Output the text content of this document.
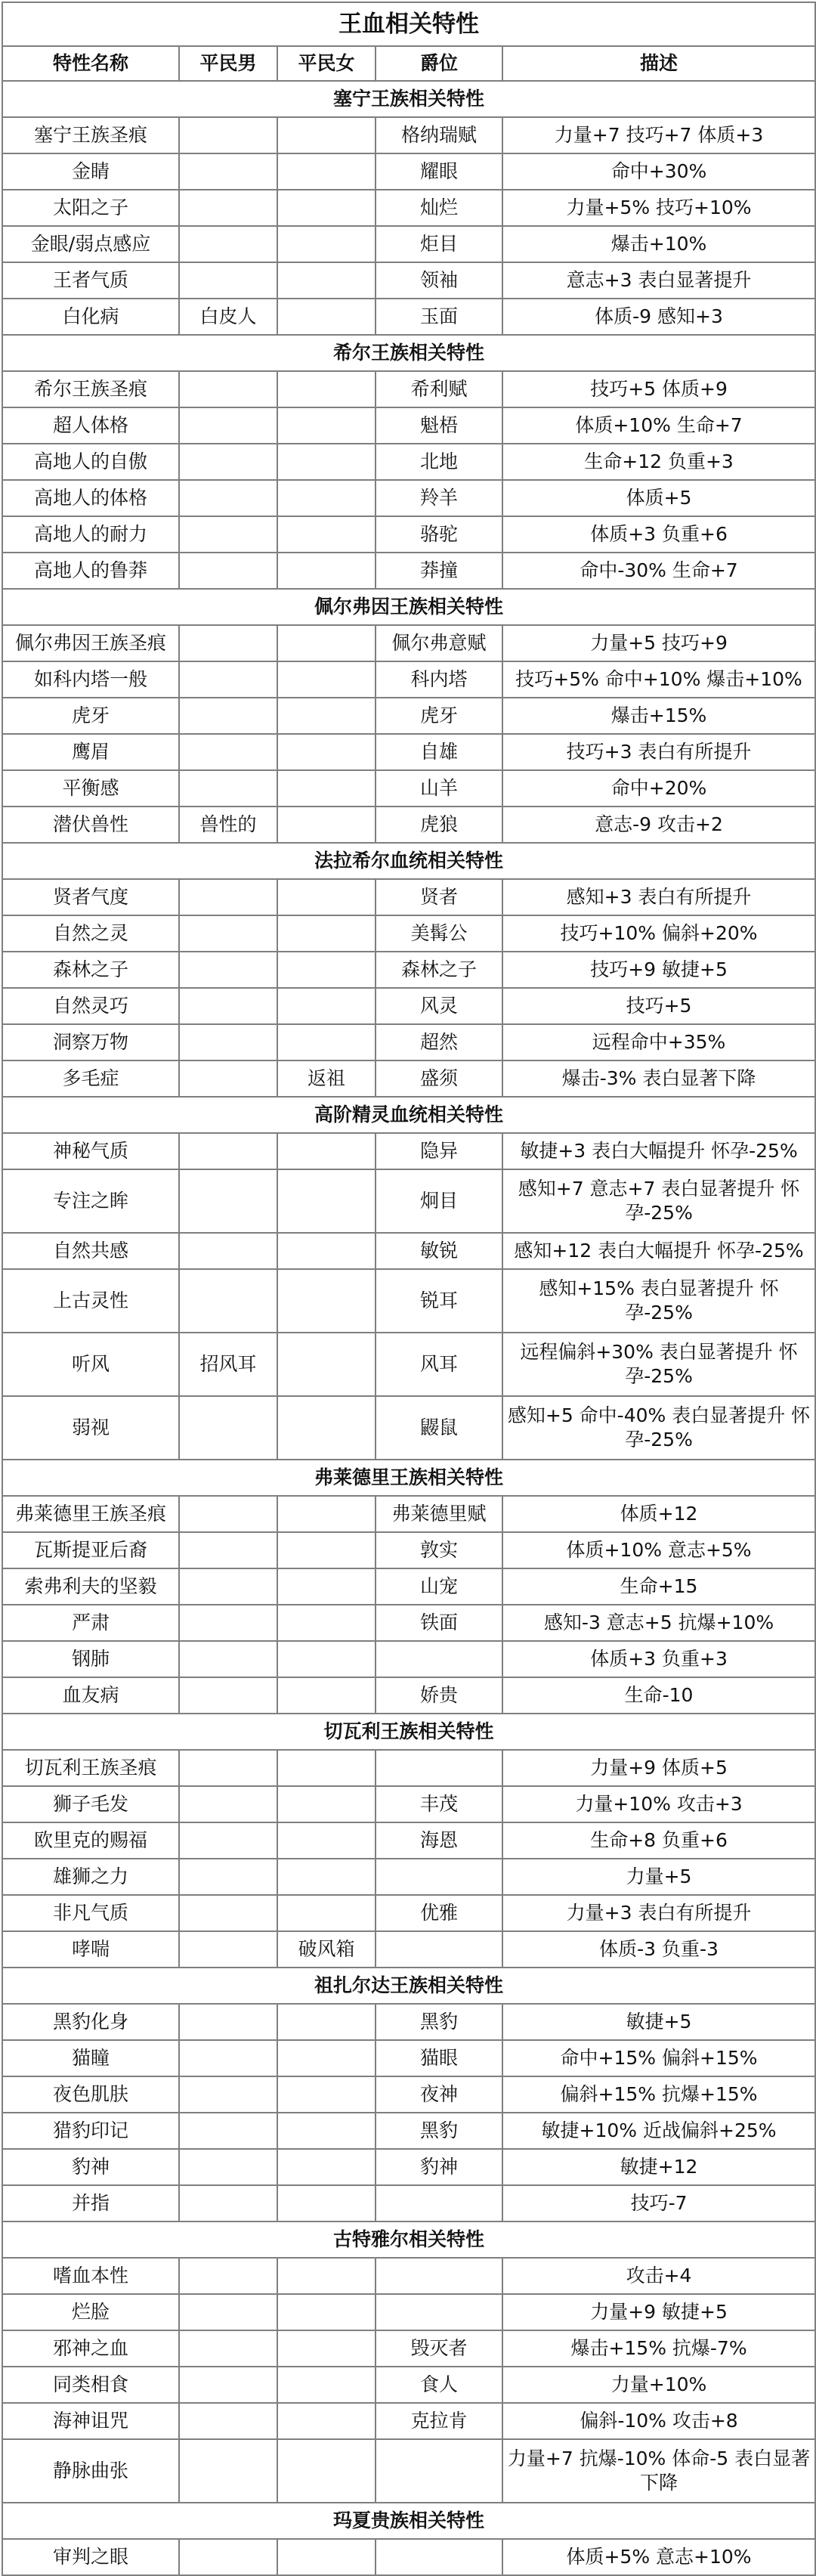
王血相关特性				
特性名称	平民男	平民女	爵位	描述
塞宁王族相关特性				
塞宁王族圣痕			格纳瑞赋	力量+7 技巧+7 体质+3
金睛			耀眼	命中+30%
太阳之子			灿烂	力量+5% 技巧+10%
金眼/弱点感应			炬目	爆击+10%
王者气质			领袖	意志+3 表白显著提升
白化病	白皮人		玉面	体质-9 感知+3
希尔王族相关特性				
希尔王族圣痕			希利赋	技巧+5 体质+9
超人体格			魁梧	体质+10% 生命+7
高地人的自傲			北地	生命+12 负重+3
高地人的体格			羚羊	体质+5
高地人的耐力			骆驼	体质+3 负重+6
高地人的鲁莽			莽撞	命中-30% 生命+7
佩尔弗因王族相关特性				
佩尔弗因王族圣痕			佩尔弗意赋	力量+5 技巧+9
如科内塔一般			科内塔	技巧+5% 命中+10% 爆击+10%
虎牙			虎牙	爆击+15%
鹰眉			自雄	技巧+3 表白有所提升
平衡感			山羊	命中+20%
潜伏兽性	兽性的		虎狼	意志-9 攻击+2
法拉希尔血统相关特性				
贤者气度			贤者	感知+3 表白有所提升
自然之灵			美髯公	技巧+10% 偏斜+20%
森林之子			森林之子	技巧+9 敏捷+5
自然灵巧			风灵	技巧+5
洞察万物			超然	远程命中+35%
多毛症		返祖	盛须	爆击-3% 表白显著下降
高阶精灵血统相关特性				
神秘气质			隐异	敏捷+3 表白大幅提升 怀孕-25%
专注之眸			炯目	感知+7 意志+7 表白显著提升 怀孕-25%
自然共感			敏锐	感知+12 表白大幅提升 怀孕-25%
上古灵性			锐耳	感知+15% 表白显著提升 怀孕-25%
听风	招风耳		风耳	远程偏斜+30% 表白显著提升 怀孕-25%
弱视			鼹鼠	感知+5 命中-40% 表白显著提升 怀孕-25%
弗莱德里王族相关特性				
弗莱德里王族圣痕			弗莱德里赋	体质+12
瓦斯提亚后裔			敦实	体质+10% 意志+5%
索弗利夫的坚毅			山宠	生命+15
严肃			铁面	感知-3 意志+5 抗爆+10%
钢肺				体质+3 负重+3
血友病			娇贵	生命-10
切瓦利王族相关特性				
切瓦利王族圣痕				力量+9 体质+5
狮子毛发			丰茂	力量+10% 攻击+3
欧里克的赐福			海恩	生命+8 负重+6
雄狮之力				力量+5
非凡气质			优雅	力量+3 表白有所提升
哮喘		破风箱		体质-3 负重-3
祖扎尔达王族相关特性				
黑豹化身			黑豹	敏捷+5
猫瞳			猫眼	命中+15% 偏斜+15%
夜色肌肤			夜神	偏斜+15% 抗爆+15%
猎豹印记			黑豹	敏捷+10% 近战偏斜+25%
豹神			豹神	敏捷+12
并指				技巧-7
古特雅尔相关特性				
嗜血本性				攻击+4
烂脸				力量+9 敏捷+5
邪神之血			毁灭者	爆击+15% 抗爆-7%
同类相食			食人	力量+10%
海神诅咒			克拉肯	偏斜-10% 攻击+8
静脉曲张				力量+7 抗爆-10% 体命-5 表白显著下降
玛夏贵族相关特性				
审判之眼				体质+5% 意志+10%
